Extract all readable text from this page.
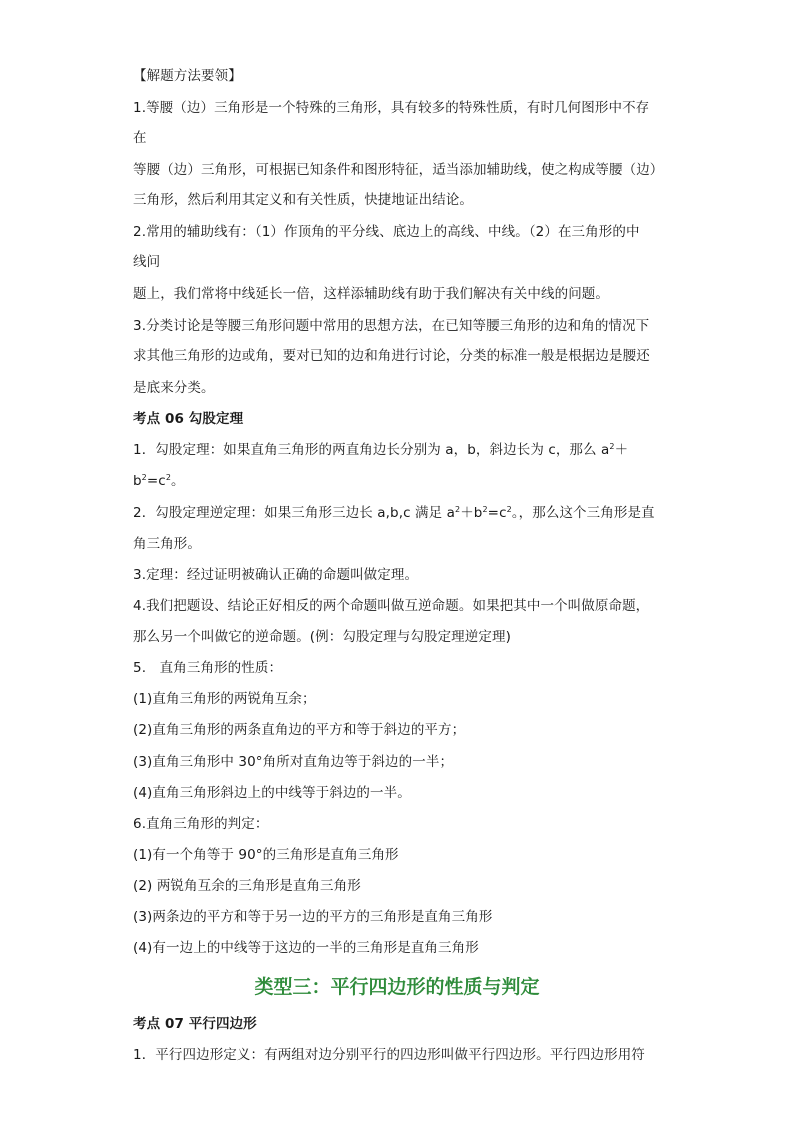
【解题方法要领】
1.等腰（边）三角形是一个特殊的三角形，具有较多的特殊性质，有时几何图形中不存
在
等腰（边）三角形，可根据已知条件和图形特征，适当添加辅助线，使之构成等腰（边）
三角形，然后利用其定义和有关性质，快捷地证出结论。
2.常用的辅助线有：（1）作顶角的平分线、底边上的高线、中线。（2）在三角形的中
线问
题上，我们常将中线延长一倍，这样添辅助线有助于我们解决有关中线的问题。
3.分类讨论是等腰三角形问题中常用的思想方法，在已知等腰三角形的边和角的情况下
求其他三角形的边或角，要对已知的边和角进行讨论，分类的标准一般是根据边是腰还
是底来分类。
考点 06 勾股定理
1．勾股定理：如果直角三角形的两直角边长分别为 a，b，斜边长为 c，那么 $a^2+$
$b^2=c^2$。
2．勾股定理逆定理：如果三角形三边长 a,b,c 满足 $a^2+b^2=c^2$。，那么这个三角形是直
角三角形。
3.定理：经过证明被确认正确的命题叫做定理。
4.我们把题设、结论正好相反的两个命题叫做互逆命题。如果把其中一个叫做原命题，
那么另一个叫做它的逆命题。(例：勾股定理与勾股定理逆定理)
5.　直角三角形的性质：
(1)直角三角形的两锐角互余；
(2)直角三角形的两条直角边的平方和等于斜边的平方；
(3)直角三角形中 30°角所对直角边等于斜边的一半；
(4)直角三角形斜边上的中线等于斜边的一半。
6.直角三角形的判定：
(1)有一个角等于 90°的三角形是直角三角形
(2) 两锐角互余的三角形是直角三角形
(3)两条边的平方和等于另一边的平方的三角形是直角三角形
(4)有一边上的中线等于这边的一半的三角形是直角三角形
类型三：平行四边形的性质与判定
考点 07 平行四边形
1．平行四边形定义：有两组对边分别平行的四边形叫做平行四边形。平行四边形用符
